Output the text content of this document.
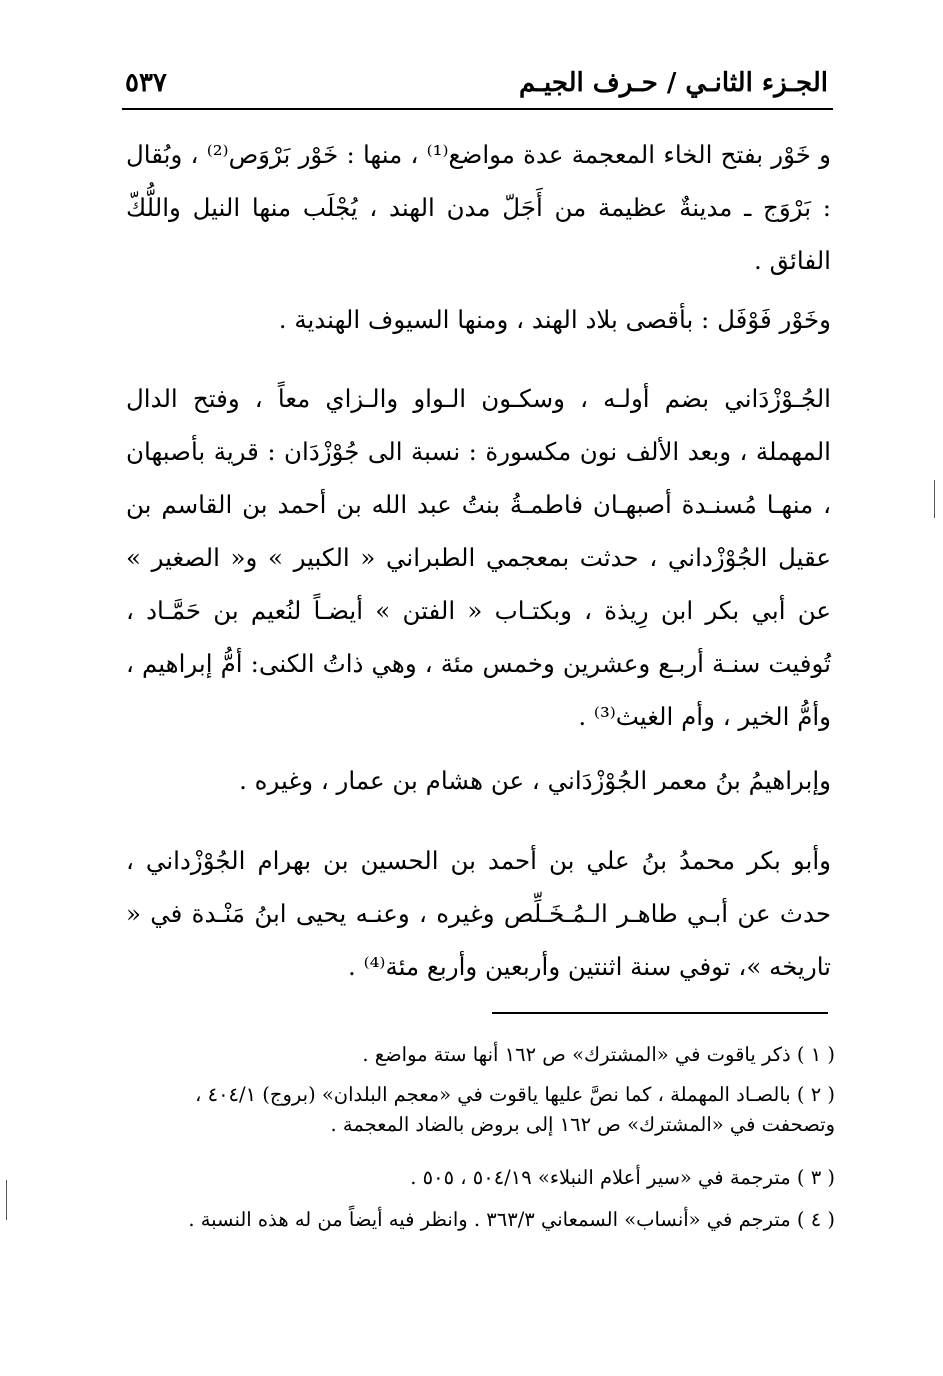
٥٣٧	الجـزء الثانـي / حـرف الجيـم
و خَوْر بفتح الخاء المعجمة عدة مواضع⁽¹⁾ ، منها : خَوْر بَرْوَص⁽²⁾ ، وبُقال : بَرْوَج ـ مدينةٌ عظيمة من أَجَلّ مدن الهند ، يُجْلَب منها النيل واللُّكّ الفائق .
وخَوْر فَوْفَل : بأقصى بلاد الهند ، ومنها السيوف الهندية .
الجُـوْزْدَاني بضم أولـه ، وسكـون الـواو والـزاي معاً ، وفتح الدال المهملة ، وبعد الألف نون مكسورة : نسبة الى جُوْزْدَان : قرية بأصبهان ، منهـا مُسنـدة أصبهـان فاطمـةُ بنتُ عبد الله بن أحمد بن القاسم بن عقيل الجُوْزْداني ، حدثت بمعجمي الطبراني « الكبير » و« الصغير » عن أبي بكر ابن رِيذة ، وبكتـاب « الفتن » أيضـاً لنُعيم بن حَمَّـاد ، تُوفيت سنـة أربـع وعشرين وخمس مئة ، وهي ذاتُ الكنى: أمُّ إبراهيم ، وأمُّ الخير ، وأم الغيث⁽³⁾ .
وإبراهيمُ بنُ معمر الجُوْزْدَاني ، عن هشام بن عمار ، وغيره .
وأبو بكر محمدُ بنُ علي بن أحمد بن الحسين بن بهرام الجُوْزْداني ، حدث عن أبـي طاهـر الـمُـخَـلِّص وغيره ، وعنـه يحيى ابنُ مَنْـدة في « تاريخه »، توفي سنة اثنتين وأربعين وأربع مئة⁽⁴⁾ .
( ١ ) ذكر ياقوت في «المشترك» ص ١٦٢ أنها ستة مواضع .
( ٢ ) بالصـاد المهملة ، كما نصَّ عليها ياقوت في «معجم البلدان» (بروج) ٤٠٤/١ ، وتصحفت في «المشترك» ص ١٦٢ إلى بروض بالضاد المعجمة .
( ٣ ) مترجمة في «سير أعلام النبلاء» ٥٠٤/١٩ ، ٥٠٥ .
( ٤ ) مترجم في «أنساب» السمعاني ٣٦٣/٣ . وانظر فيه أيضاً من له هذه النسبة .
